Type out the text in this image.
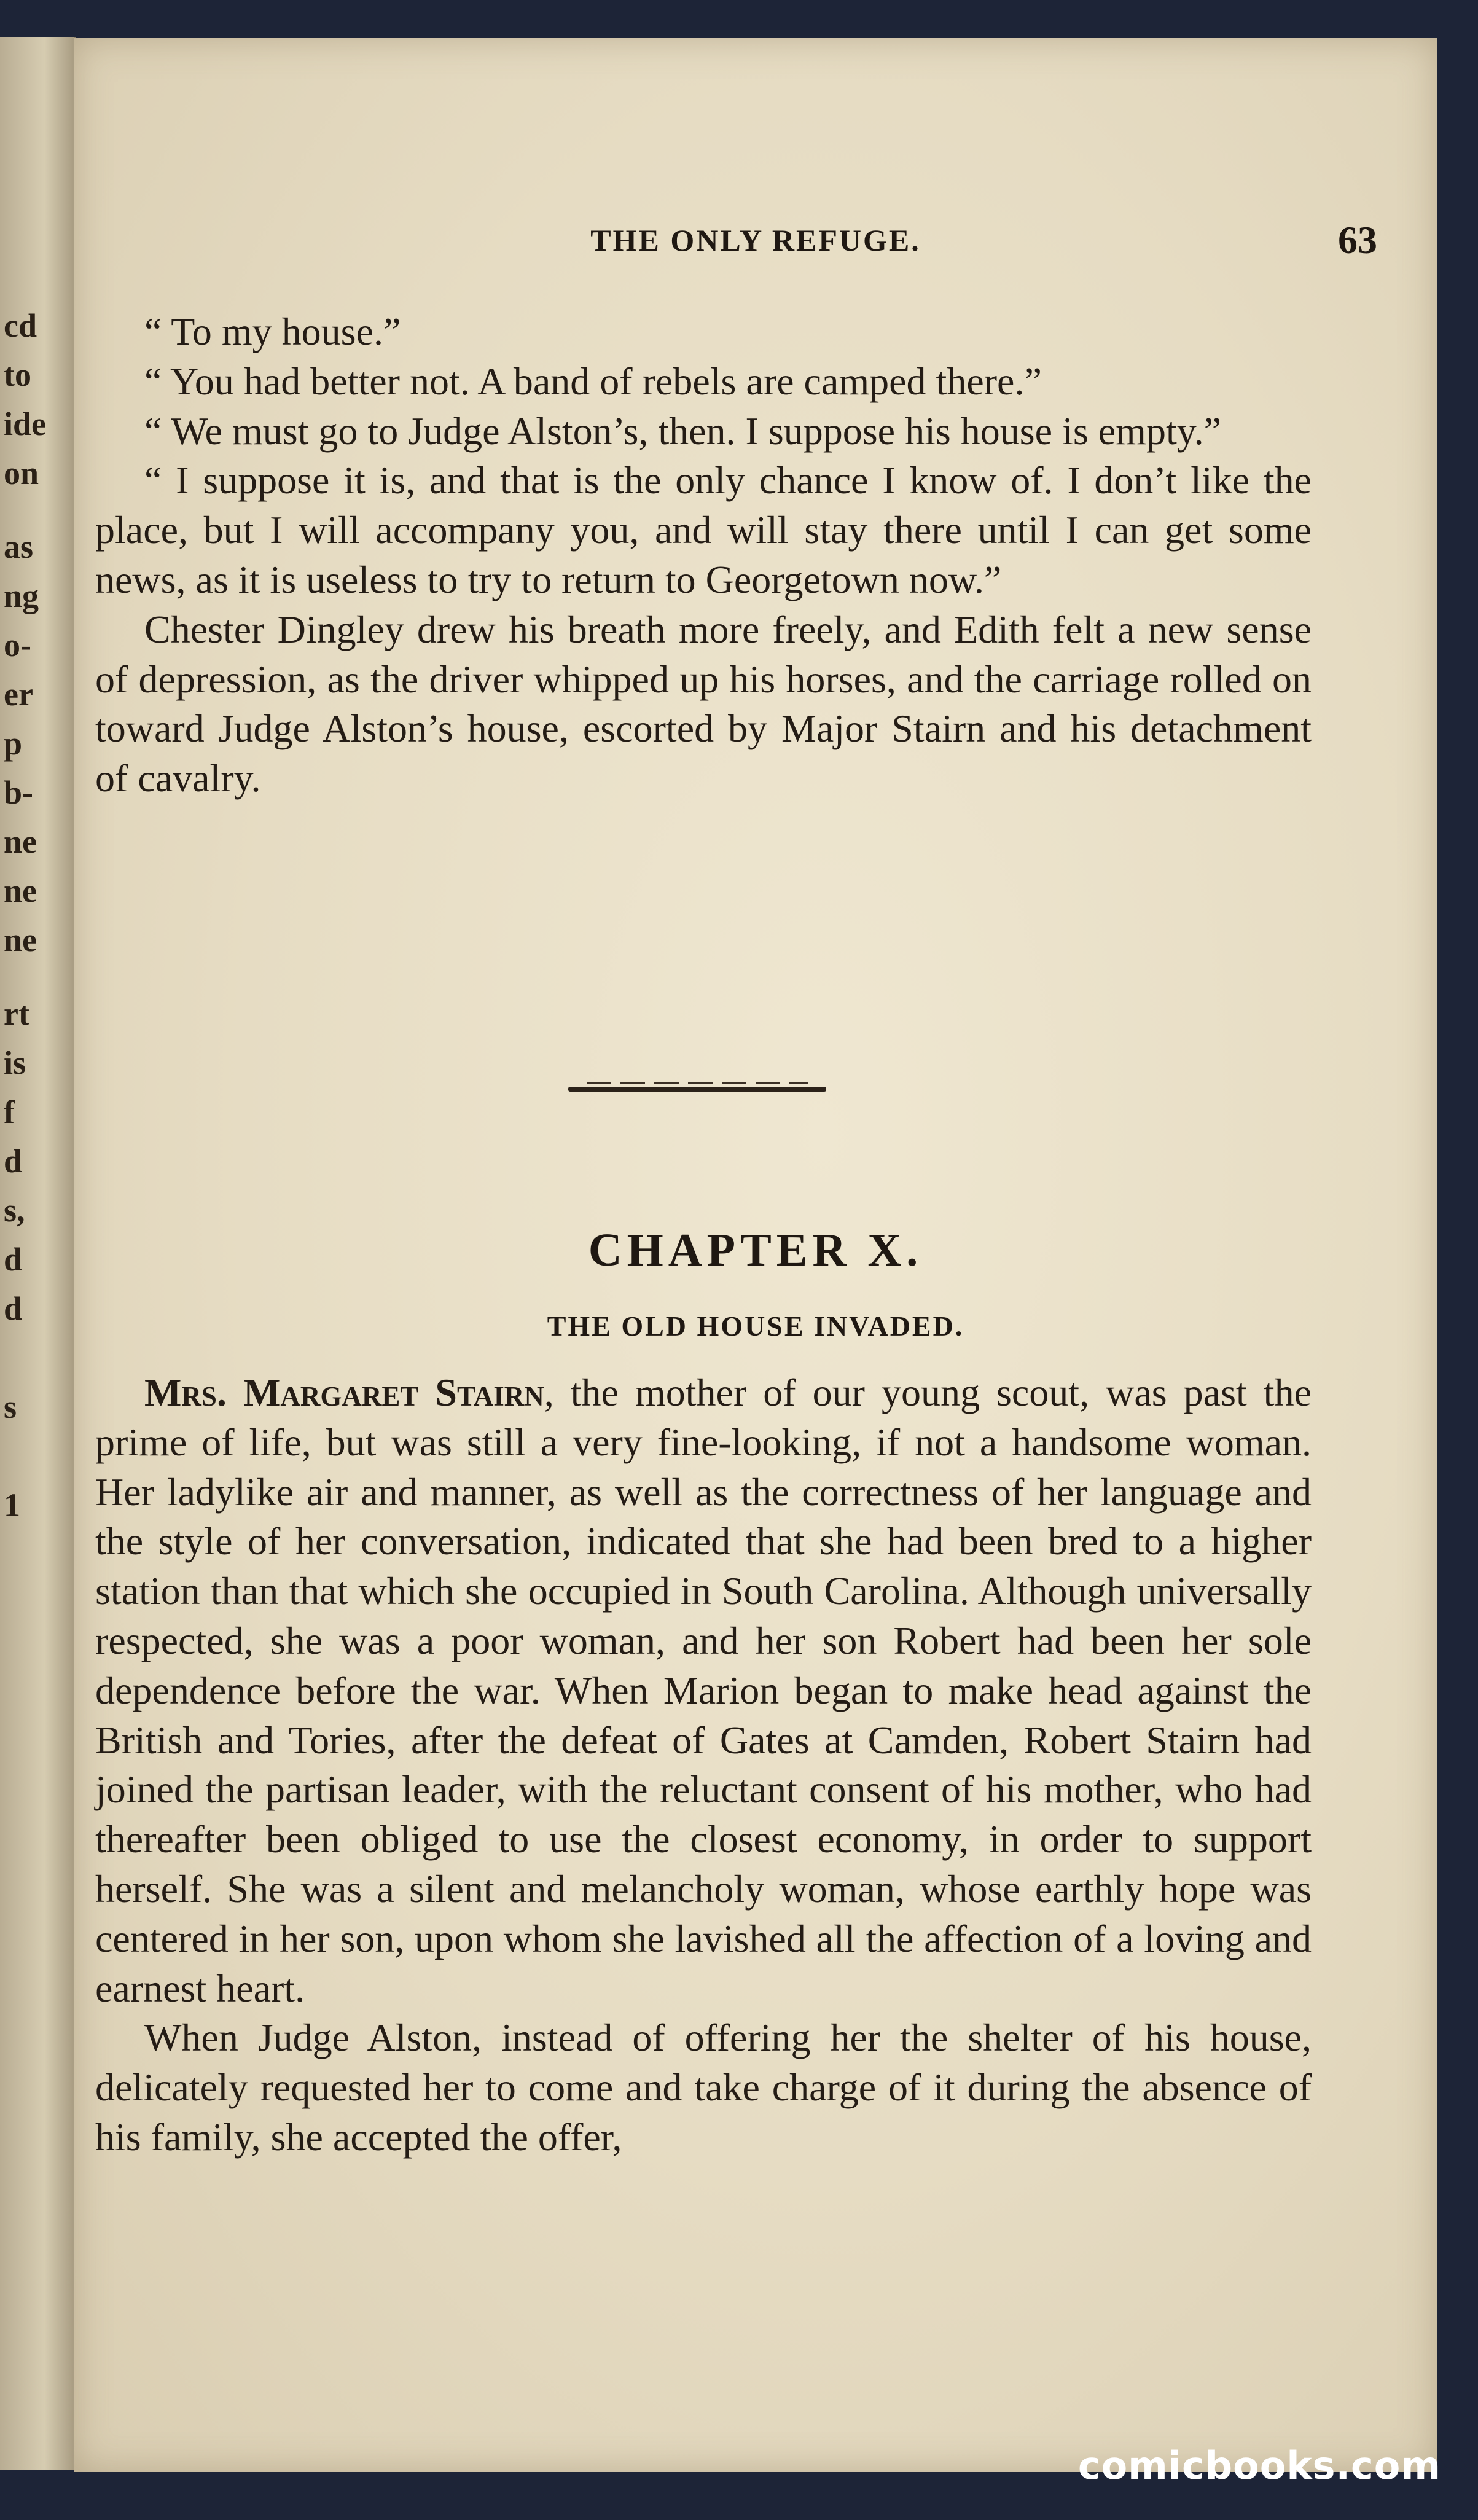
cd
to
ide
on
as
ng
o-
er
p
b-
ne
ne
ne
rt
is
f
d
s,
d
d
s
1
THE ONLY REFUGE.	63

“ To my house.”

“ You had better not. A band of rebels are camped there.”

“ We must go to Judge Alston’s, then. I suppose his house is empty.”

“ I suppose it is, and that is the only chance I know of. I don’t like the place, but I will accompany you, and will stay there until I can get some news, as it is useless to try to return to Georgetown now.”

Chester Dingley drew his breath more freely, and Edith felt a new sense of depression, as the driver whipped up his horses, and the carriage rolled on toward Judge Alston’s house, escorted by Major Stairn and his detachment of cavalry.

CHAPTER X.
THE OLD HOUSE INVADED.

Mrs. Margaret Stairn, the mother of our young scout, was past the prime of life, but was still a very fine-looking, if not a handsome woman. Her ladylike air and manner, as well as the correctness of her language and the style of her conversation, indicated that she had been bred to a higher station than that which she occupied in South Carolina. Although universally respected, she was a poor woman, and her son Robert had been her sole dependence before the war. When Marion began to make head against the British and Tories, after the defeat of Gates at Camden, Robert Stairn had joined the partisan leader, with the reluctant consent of his mother, who had thereafter been obliged to use the closest economy, in order to support herself. She was a silent and melancholy woman, whose earthly hope was centered in her son, upon whom she lavished all the affection of a loving and earnest heart.

When Judge Alston, instead of offering her the shelter of his house, delicately requested her to come and take charge of it during the absence of his family, she accepted the offer,

comicbooks.com
